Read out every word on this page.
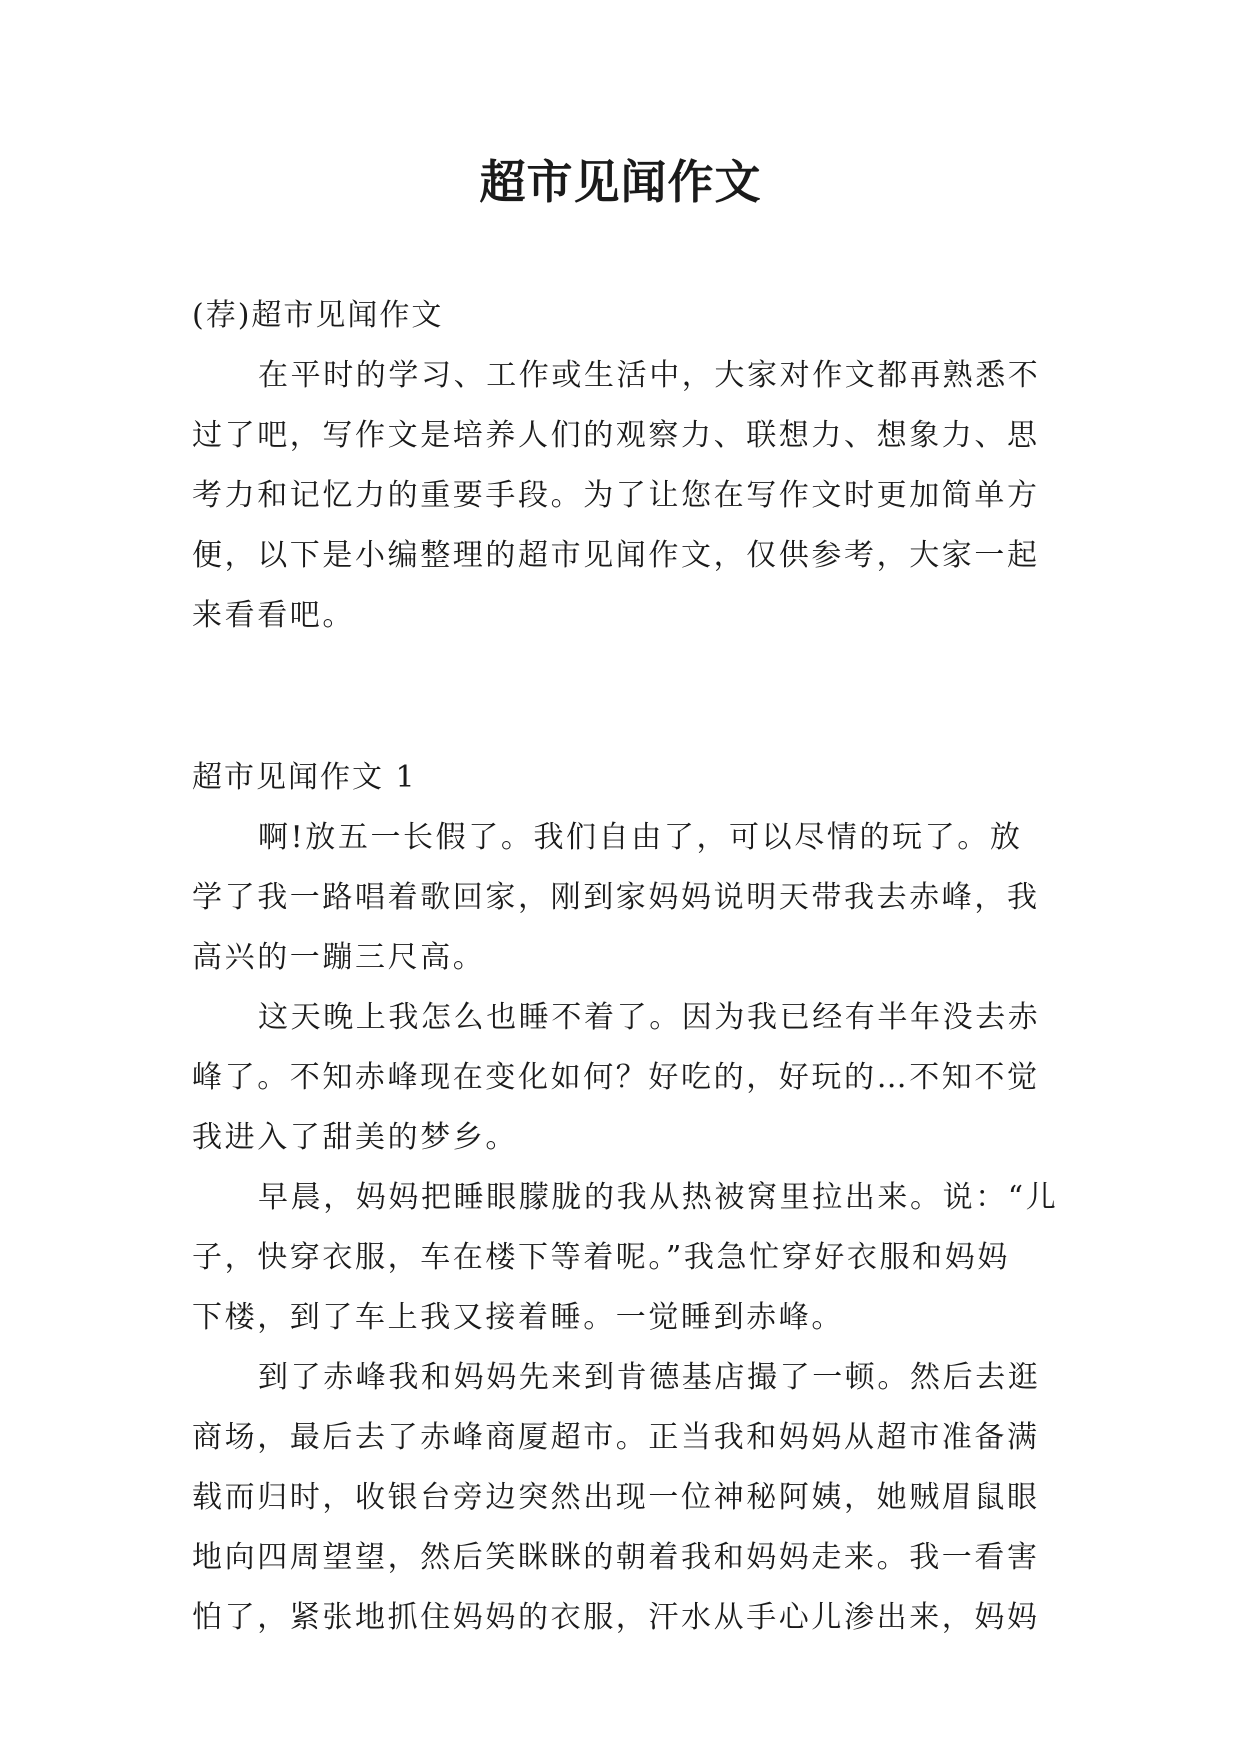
超市见闻作文

(荐)超市见闻作文

在平时的学习、工作或生活中，大家对作文都再熟悉不

过了吧，写作文是培养人们的观察力、联想力、想象力、思

考力和记忆力的重要手段。为了让您在写作文时更加简单方

便，以下是小编整理的超市见闻作文，仅供参考，大家一起

来看看吧。

超市见闻作文 1

啊!放五一长假了。我们自由了，可以尽情的玩了。放

学了我一路唱着歌回家，刚到家妈妈说明天带我去赤峰，我

高兴的一蹦三尺高。

这天晚上我怎么也睡不着了。因为我已经有半年没去赤

峰了。不知赤峰现在变化如何？好吃的，好玩的…不知不觉

我进入了甜美的梦乡。

早晨，妈妈把睡眼朦胧的我从热被窝里拉出来。说：“儿

子，快穿衣服，车在楼下等着呢。”我急忙穿好衣服和妈妈

下楼，到了车上我又接着睡。一觉睡到赤峰。

到了赤峰我和妈妈先来到肯德基店撮了一顿。然后去逛

商场，最后去了赤峰商厦超市。正当我和妈妈从超市准备满

载而归时，收银台旁边突然出现一位神秘阿姨，她贼眉鼠眼

地向四周望望，然后笑眯眯的朝着我和妈妈走来。我一看害

怕了，紧张地抓住妈妈的衣服，汗水从手心儿渗出来，妈妈
